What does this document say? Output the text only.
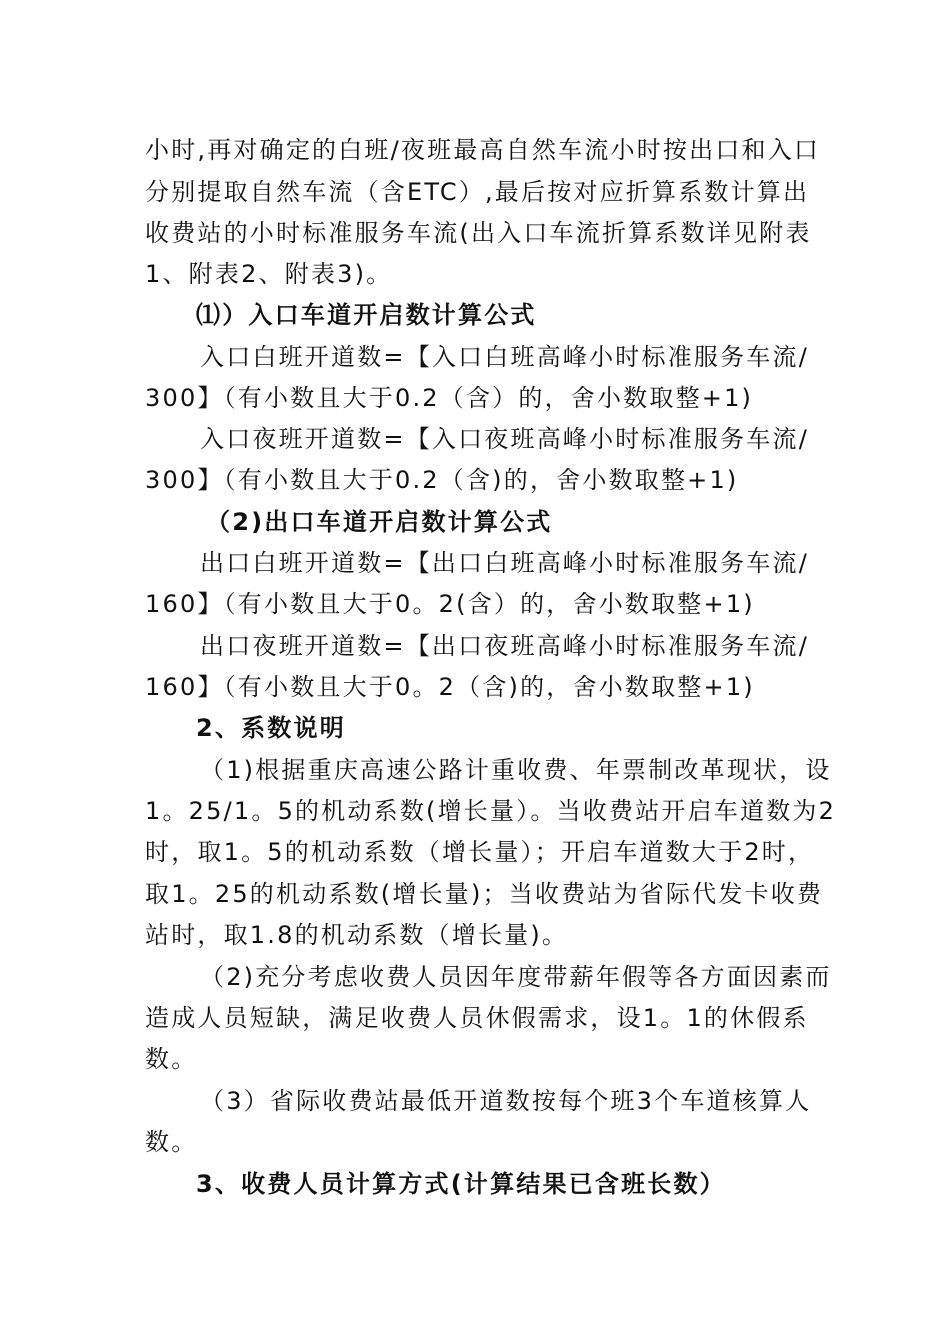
小时,再对确定的白班/夜班最高自然车流小时按出口和入口
分别提取自然车流（含ETC）,最后按对应折算系数计算出
收费站的小时标准服务车流(出入口车流折算系数详见附表
1、附表2、附表3)。
⑴）入口车道开启数计算公式
入口白班开道数=【入口白班高峰小时标准服务车流/
300】（有小数且大于0.2（含）的，舍小数取整+1)
入口夜班开道数=【入口夜班高峰小时标准服务车流/
300】（有小数且大于0.2（含)的，舍小数取整+1)
（2)出口车道开启数计算公式
出口白班开道数=【出口白班高峰小时标准服务车流/
160】（有小数且大于0。2(含）的，舍小数取整+1)
出口夜班开道数=【出口夜班高峰小时标准服务车流/
160】（有小数且大于0。2（含)的，舍小数取整+1)
2、系数说明
（1)根据重庆高速公路计重收费、年票制改革现状，设
1。25/1。5的机动系数(增长量）。当收费站开启车道数为2
时，取1。5的机动系数（增长量）；开启车道数大于2时，
取1。25的机动系数(增长量)；当收费站为省际代发卡收费
站时，取1.8的机动系数（增长量)。
（2)充分考虑收费人员因年度带薪年假等各方面因素而
造成人员短缺，满足收费人员休假需求，设1。1的休假系
数。
（3）省际收费站最低开道数按每个班3个车道核算人
数。
3、收费人员计算方式(计算结果已含班长数）
